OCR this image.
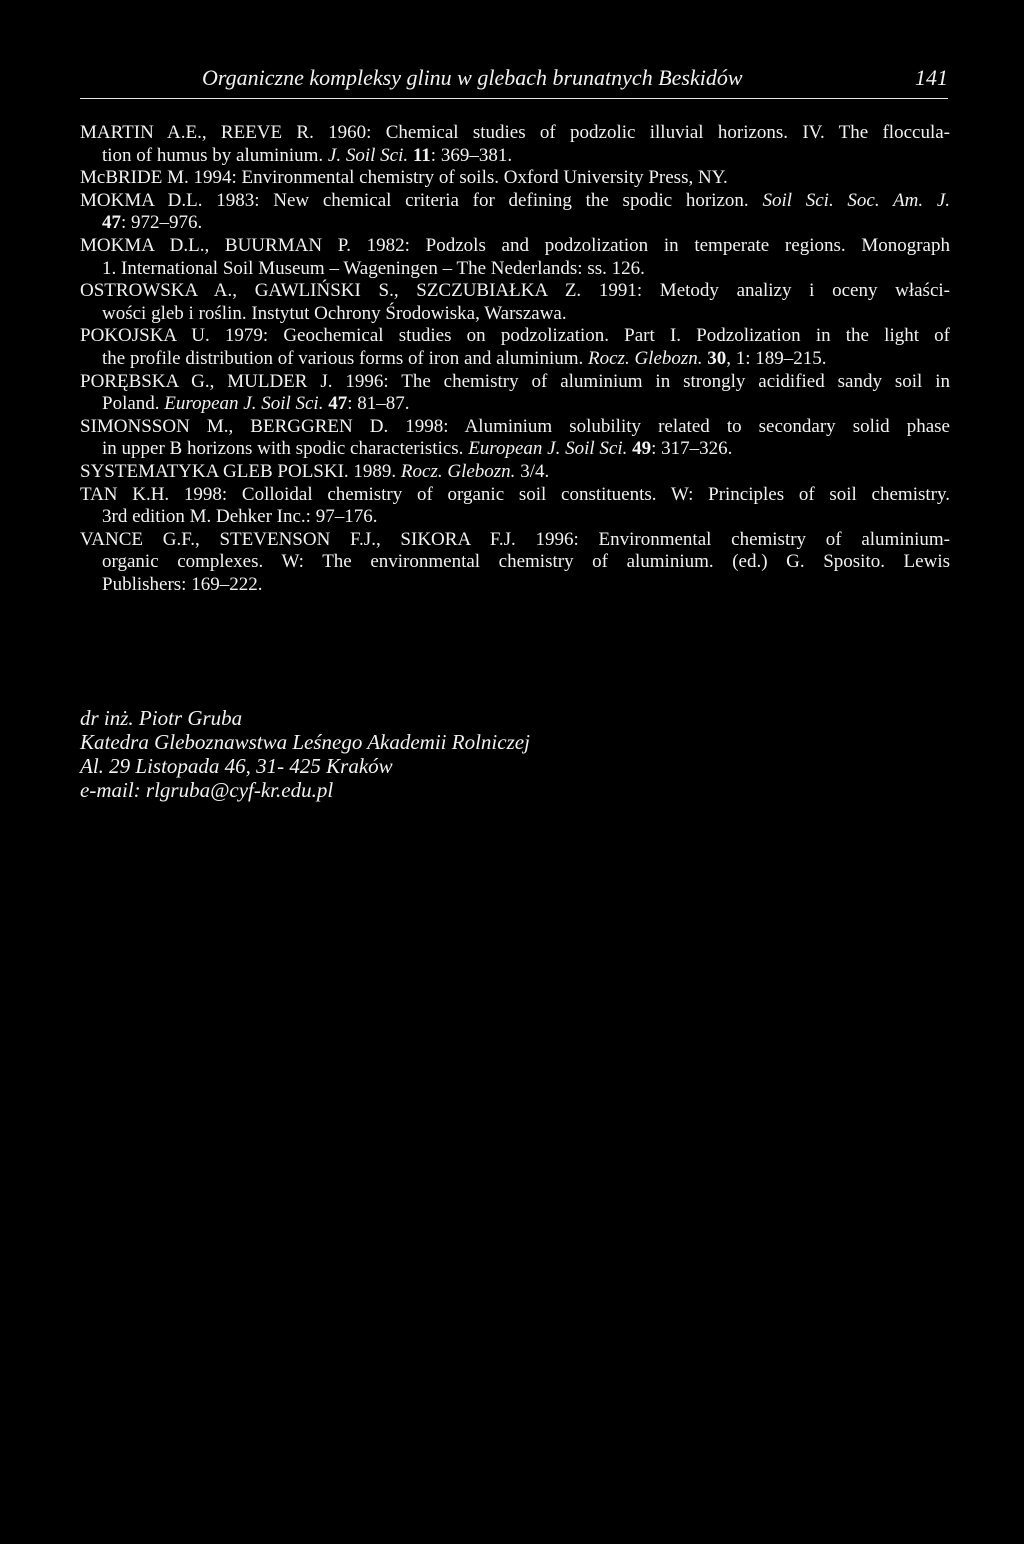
Organiczne kompleksy glinu w glebach brunatnych Beskidów	141
MARTIN A.E., REEVE R. 1960: Chemical studies of podzolic illuvial horizons. IV. The floccula-
tion of humus by aluminium. J. Soil Sci. 11: 369–381.
McBRIDE M. 1994: Environmental chemistry of soils. Oxford University Press, NY.
MOKMA D.L. 1983: New chemical criteria for defining the spodic horizon. Soil Sci. Soc. Am. J.
47: 972–976.
MOKMA D.L., BUURMAN P. 1982: Podzols and podzolization in temperate regions. Monograph
1. International Soil Museum – Wageningen – The Nederlands: ss. 126.
OSTROWSKA A., GAWLIŃSKI S., SZCZUBIAŁKA Z. 1991: Metody analizy i oceny właści-
wości gleb i roślin. Instytut Ochrony Środowiska, Warszawa.
POKOJSKA U. 1979: Geochemical studies on podzolization. Part I. Podzolization in the light of
the profile distribution of various forms of iron and aluminium. Rocz. Glebozn. 30, 1: 189–215.
PORĘBSKA G., MULDER J. 1996: The chemistry of aluminium in strongly acidified sandy soil in
Poland. European J. Soil Sci. 47: 81–87.
SIMONSSON M., BERGGREN D. 1998: Aluminium solubility related to secondary solid phase
in upper B horizons with spodic characteristics. European J. Soil Sci. 49: 317–326.
SYSTEMATYKA GLEB POLSKI. 1989. Rocz. Glebozn. 3/4.
TAN K.H. 1998: Colloidal chemistry of organic soil constituents. W: Principles of soil chemistry.
3rd edition M. Dehker Inc.: 97–176.
VANCE G.F., STEVENSON F.J., SIKORA F.J. 1996: Environmental chemistry of aluminium-
organic complexes. W: The environmental chemistry of aluminium. (ed.) G. Sposito. Lewis
Publishers: 169–222.
dr inż. Piotr Gruba
Katedra Gleboznawstwa Leśnego Akademii Rolniczej
Al. 29 Listopada 46, 31- 425 Kraków
e-mail: rlgruba@cyf-kr.edu.pl
